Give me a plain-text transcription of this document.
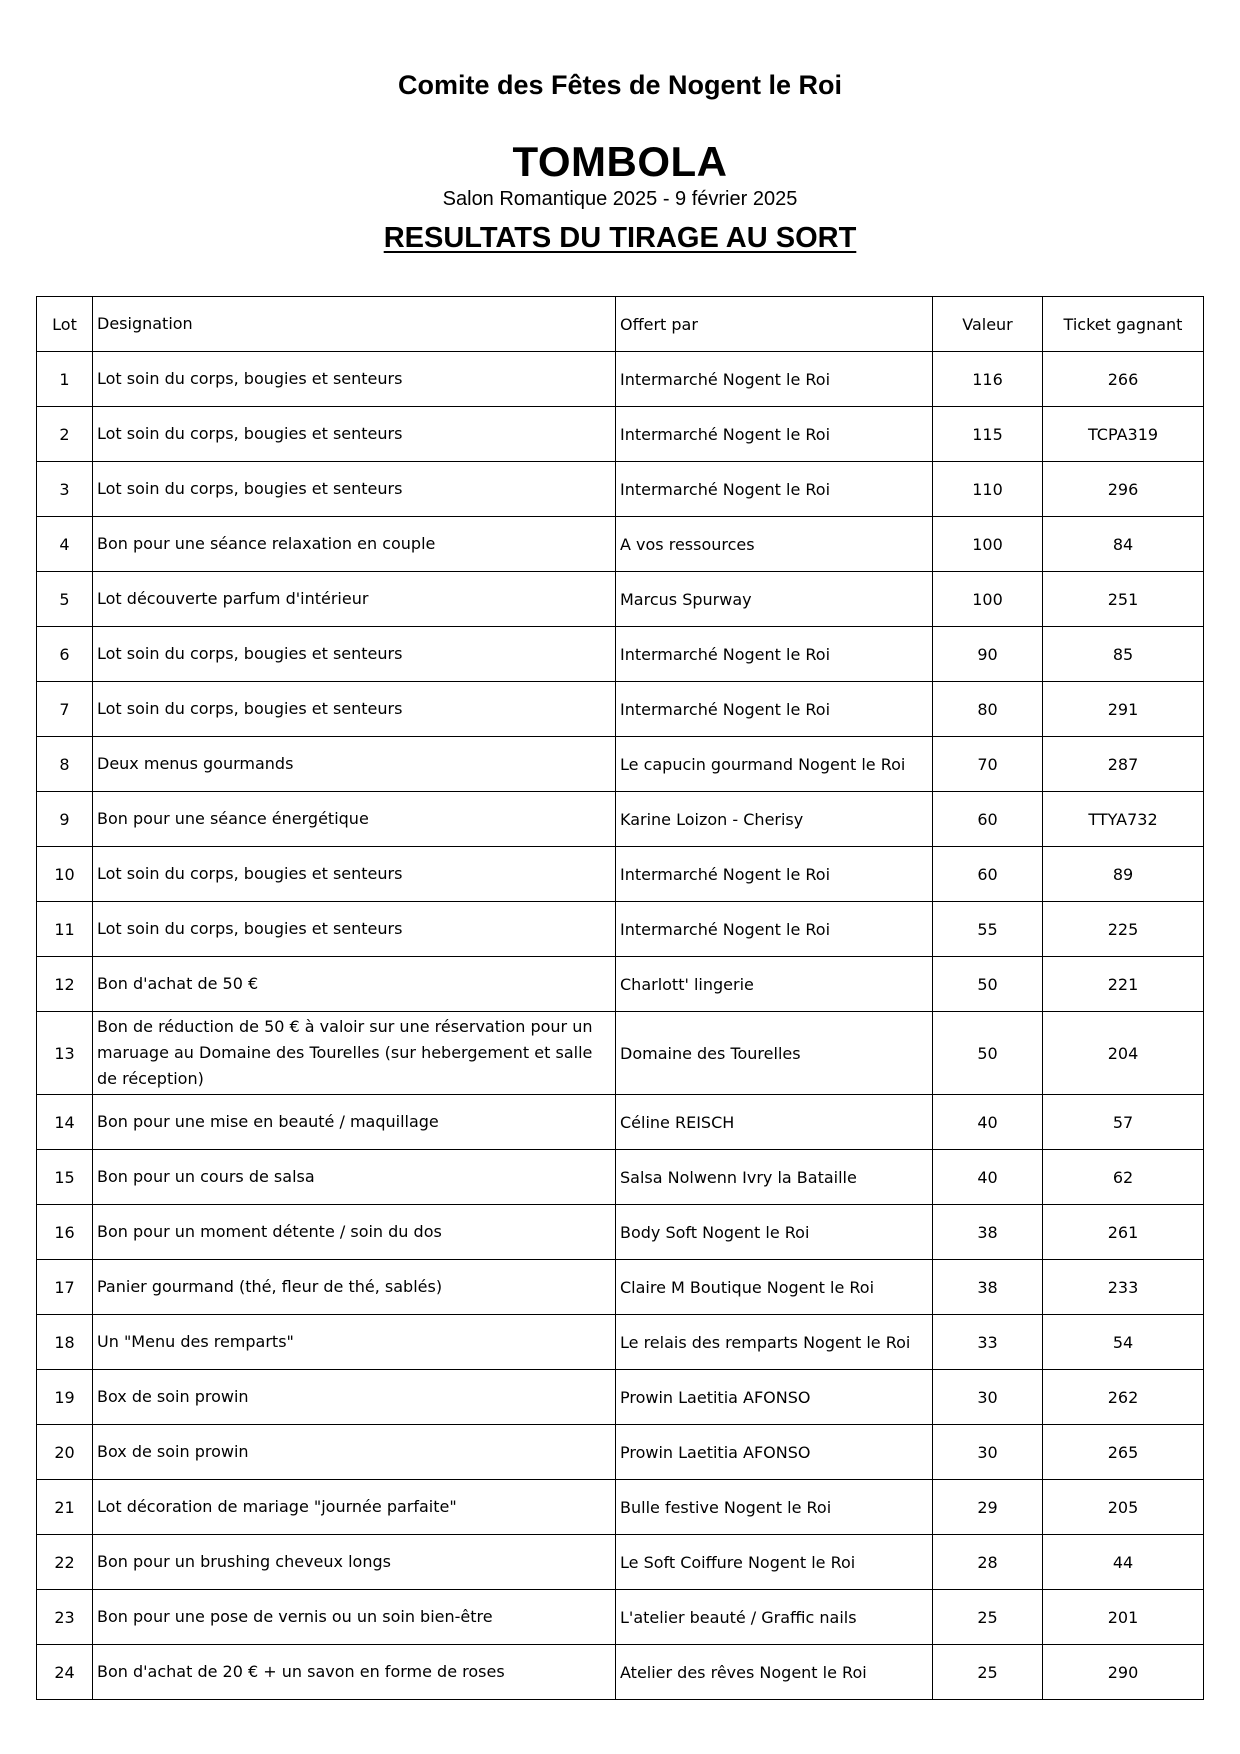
Comite des Fêtes de Nogent le Roi
TOMBOLA
Salon Romantique 2025 - 9 février 2025
RESULTATS DU TIRAGE AU SORT
Lot	Designation	Offert par	Valeur	Ticket gagnant
1	Lot soin du corps, bougies et senteurs	Intermarché Nogent le Roi	116	266
2	Lot soin du corps, bougies et senteurs	Intermarché Nogent le Roi	115	TCPA319
3	Lot soin du corps, bougies et senteurs	Intermarché Nogent le Roi	110	296
4	Bon pour une séance relaxation en couple	A vos ressources	100	84
5	Lot découverte parfum d'intérieur	Marcus Spurway	100	251
6	Lot soin du corps, bougies et senteurs	Intermarché Nogent le Roi	90	85
7	Lot soin du corps, bougies et senteurs	Intermarché Nogent le Roi	80	291
8	Deux menus gourmands	Le capucin gourmand Nogent le Roi	70	287
9	Bon pour une séance énergétique	Karine Loizon - Cherisy	60	TTYA732
10	Lot soin du corps, bougies et senteurs	Intermarché Nogent le Roi	60	89
11	Lot soin du corps, bougies et senteurs	Intermarché Nogent le Roi	55	225
12	Bon d'achat de 50 €	Charlott' lingerie	50	221
13	Bon de réduction de 50 € à valoir sur une réservation pour un maruage au Domaine des Tourelles (sur hebergement et salle de réception)	Domaine des Tourelles	50	204
14	Bon pour une mise en beauté / maquillage	Céline REISCH	40	57
15	Bon pour un cours de salsa	Salsa Nolwenn Ivry la Bataille	40	62
16	Bon pour un moment détente / soin du dos	Body Soft Nogent le Roi	38	261
17	Panier gourmand (thé, fleur de thé, sablés)	Claire M Boutique Nogent le Roi	38	233
18	Un "Menu des remparts"	Le relais des remparts Nogent le Roi	33	54
19	Box de soin prowin	Prowin Laetitia AFONSO	30	262
20	Box de soin prowin	Prowin Laetitia AFONSO	30	265
21	Lot décoration de mariage "journée parfaite"	Bulle festive Nogent le Roi	29	205
22	Bon pour un brushing cheveux longs	Le Soft Coiffure Nogent le Roi	28	44
23	Bon pour une pose de vernis ou un soin bien-être	L'atelier beauté / Graffic nails	25	201
24	Bon d'achat de 20 € + un savon en forme de roses	Atelier des rêves Nogent le Roi	25	290
